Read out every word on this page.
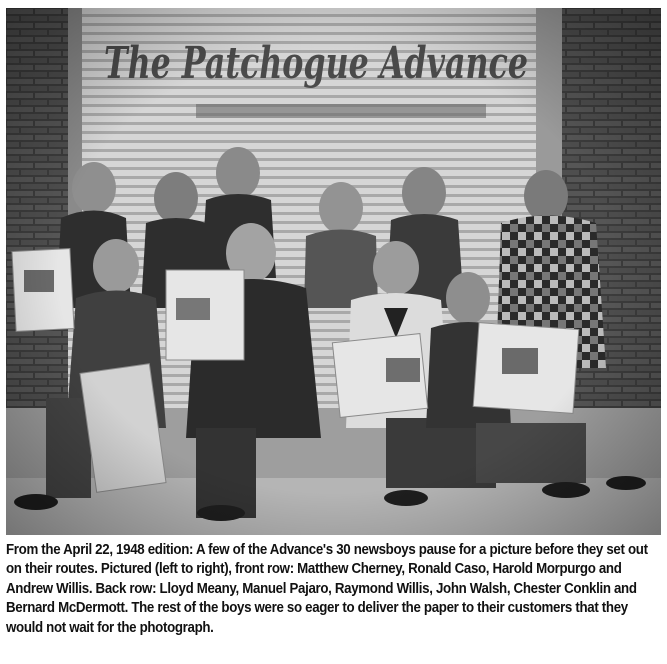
From the April 22, 1948 edition: A few of the Advance's 30 newsboys pause for a picture before they set out on their routes. Pictured (left to right), front row: Matthew Cherney, Ronald Caso, Harold Morpurgo and Andrew Willis. Back row: Lloyd Meany, Manuel Pajaro, Raymond Willis, John Walsh, Chester Conklin and Bernard McDermott. The rest of the boys were so eager to deliver the paper to their customers that they would not wait for the photograph.
